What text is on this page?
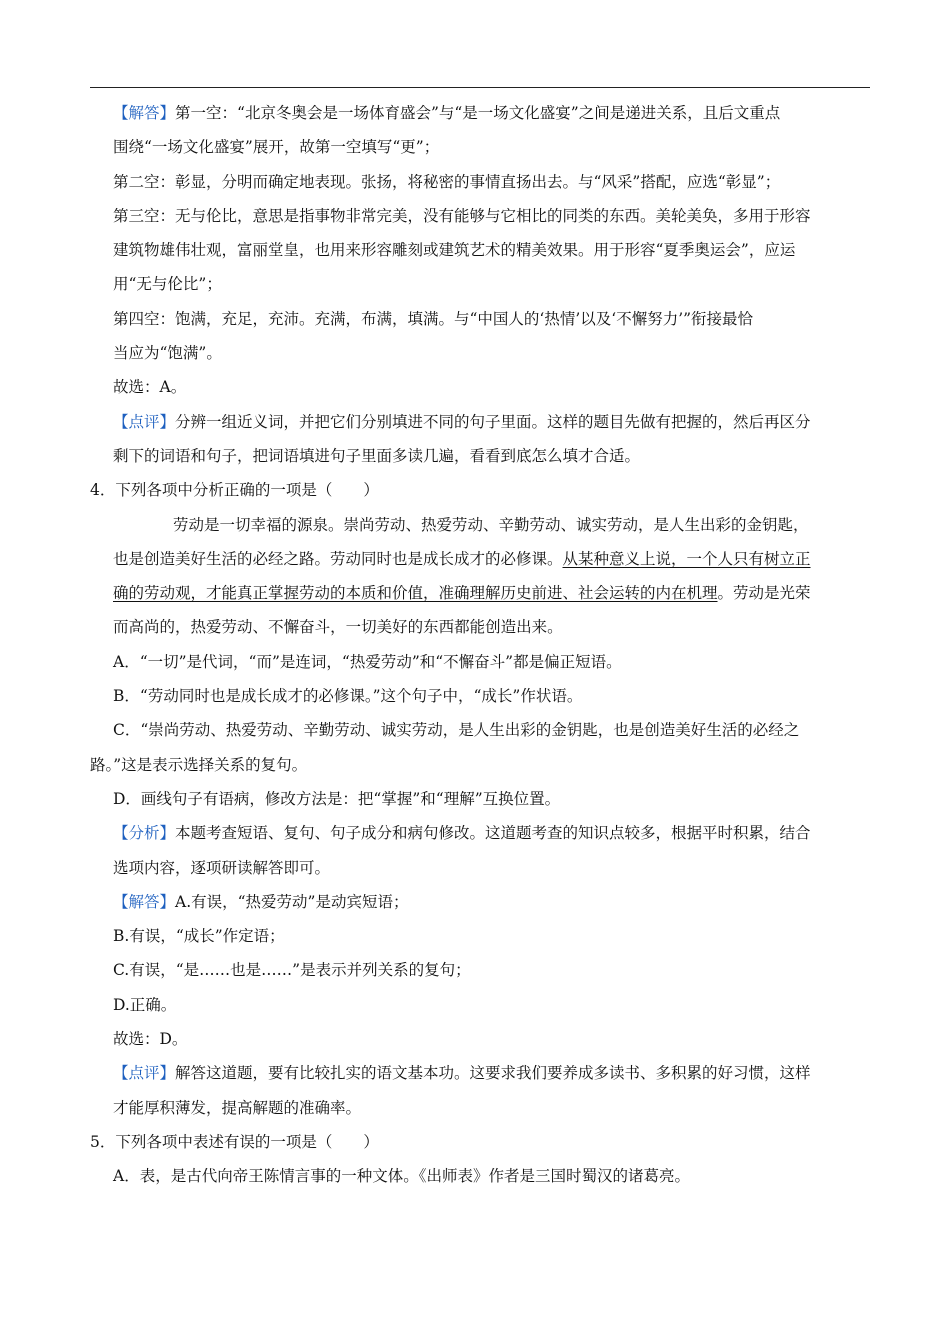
【解答】第一空：“北京冬奥会是一场体育盛会”与“是一场文化盛宴”之间是递进关系，且后文重点
围绕“一场文化盛宴”展开，故第一空填写“更”；
第二空：彰显，分明而确定地表现。张扬，将秘密的事情直扬出去。与“风采”搭配，应选“彰显”；
第三空：无与伦比，意思是指事物非常完美，没有能够与它相比的同类的东西。美轮美奂，多用于形容
建筑物雄伟壮观，富丽堂皇，也用来形容雕刻或建筑艺术的精美效果。用于形容“夏季奥运会”，应运
用“无与伦比”；
第四空：饱满，充足，充沛。充满，布满，填满。与“中国人的‘热情’以及‘不懈努力’”衔接最恰
当应为“饱满”。
故选：A。
【点评】分辨一组近义词，并把它们分别填进不同的句子里面。这样的题目先做有把握的，然后再区分
剩下的词语和句子，把词语填进句子里面多读几遍，看看到底怎么填才合适。
4．下列各项中分析正确的一项是（　　）
劳动是一切幸福的源泉。崇尚劳动、热爱劳动、辛勤劳动、诚实劳动，是人生出彩的金钥匙，
也是创造美好生活的必经之路。劳动同时也是成长成才的必修课。从某种意义上说，一个人只有树立正
确的劳动观，才能真正掌握劳动的本质和价值，准确理解历史前进、社会运转的内在机理。劳动是光荣
而高尚的，热爱劳动、不懈奋斗，一切美好的东西都能创造出来。
A．“一切”是代词，“而”是连词，“热爱劳动”和“不懈奋斗”都是偏正短语。
B．“劳动同时也是成长成才的必修课。”这个句子中，“成长”作状语。
C．“崇尚劳动、热爱劳动、辛勤劳动、诚实劳动，是人生出彩的金钥匙，也是创造美好生活的必经之
路。”这是表示选择关系的复句。
D．画线句子有语病，修改方法是：把“掌握”和“理解”互换位置。
【分析】本题考查短语、复句、句子成分和病句修改。这道题考查的知识点较多，根据平时积累，结合
选项内容，逐项研读解答即可。
【解答】A.有误，“热爱劳动”是动宾短语；
B.有误，“成长”作定语；
C.有误，“是……也是……”是表示并列关系的复句；
D.正确。
故选：D。
【点评】解答这道题，要有比较扎实的语文基本功。这要求我们要养成多读书、多积累的好习惯，这样
才能厚积薄发，提高解题的准确率。
5．下列各项中表述有误的一项是（　　）
A．表，是古代向帝王陈情言事的一种文体。《出师表》作者是三国时蜀汉的诸葛亮。
